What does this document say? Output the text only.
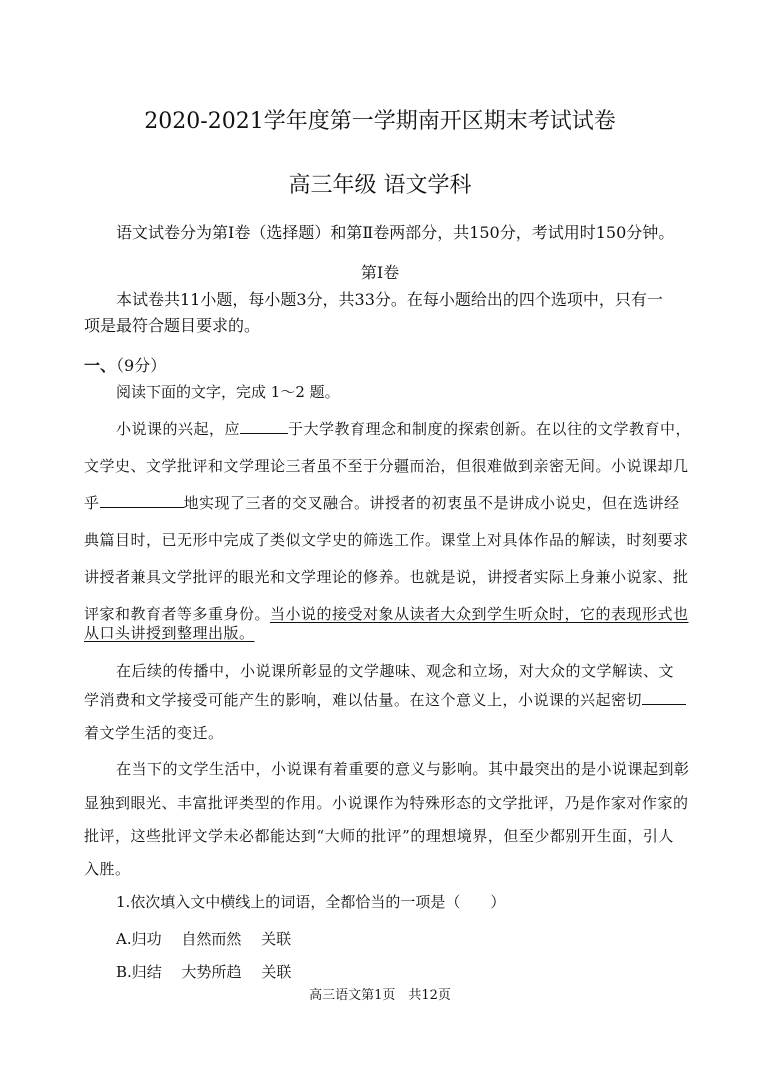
2020-2021学年度第一学期南开区期末考试试卷
高三年级 语文学科
语文试卷分为第Ⅰ卷（选择题）和第Ⅱ卷两部分，共150分，考试用时150分钟。
第Ⅰ卷
本试卷共11小题，每小题3分，共33分。在每小题给出的四个选项中，只有一
项是最符合题目要求的。
一、（9分）
阅读下面的文字，完成 1～2 题。
小说课的兴起，应	于大学教育理念和制度的探索创新。在以往的文学教育中，
文学史、文学批评和文学理论三者虽不至于分疆而治，但很难做到亲密无间。小说课却几
乎	地实现了三者的交叉融合。讲授者的初衷虽不是讲成小说史，但在选讲经
典篇目时，已无形中完成了类似文学史的筛选工作。课堂上对具体作品的解读，时刻要求
讲授者兼具文学批评的眼光和文学理论的修养。也就是说，讲授者实际上身兼小说家、批
评家和教育者等多重身份。当小说的接受对象从读者大众到学生听众时，它的表现形式也
从口头讲授到整理出版。
在后续的传播中，小说课所彰显的文学趣味、观念和立场，对大众的文学解读、文
学消费和文学接受可能产生的影响，难以估量。在这个意义上，小说课的兴起密切
着文学生活的变迁。
在当下的文学生活中，小说课有着重要的意义与影响。其中最突出的是小说课起到彰
显独到眼光、丰富批评类型的作用。小说课作为特殊形态的文学批评，乃是作家对作家的
批评，这些批评文学未必都能达到“大师的批评”的理想境界，但至少都别开生面，引人
入胜。
1.依次填入文中横线上的词语，全都恰当的一项是（　　）
A.归功　 自然而然　 关联
B.归结　 大势所趋　 关联
高三语文第1页　共12页
